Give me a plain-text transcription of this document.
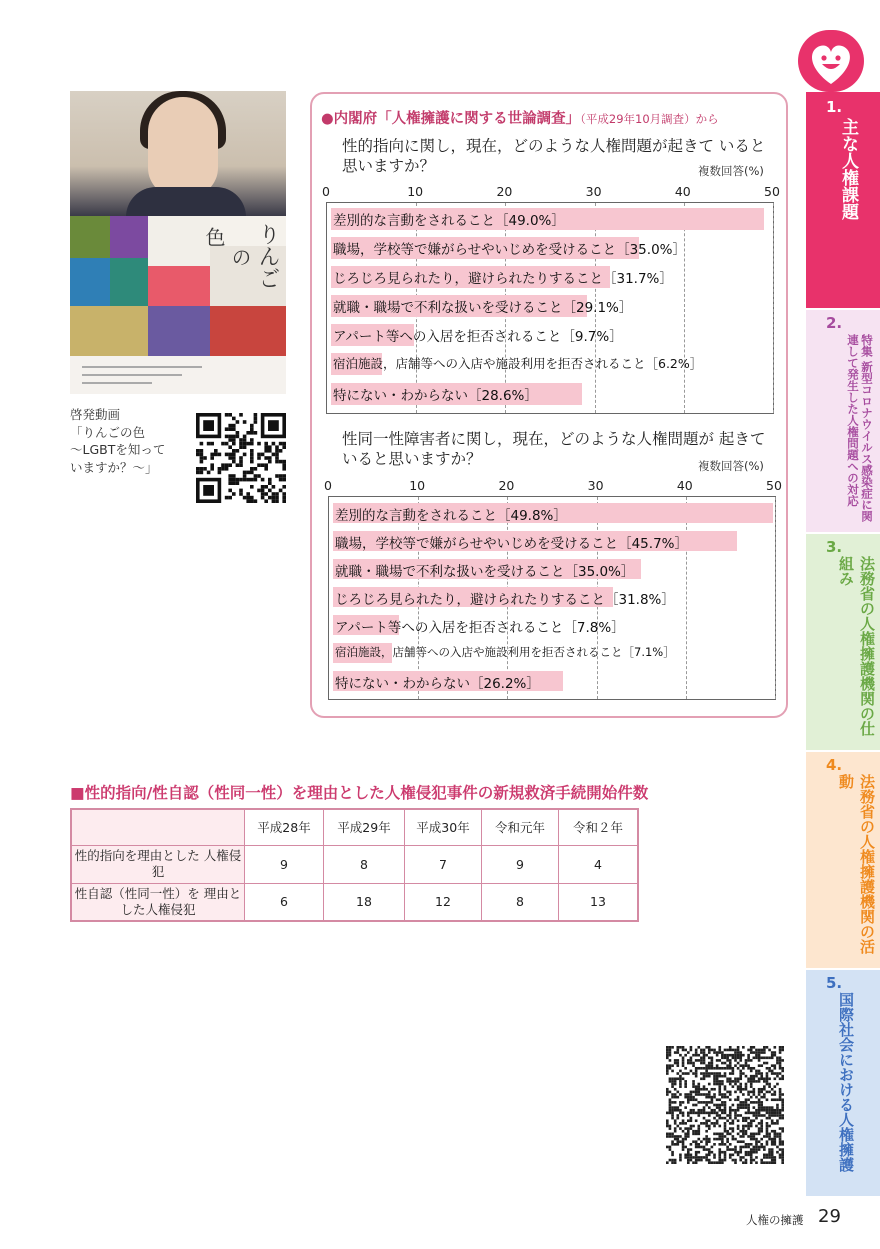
りんご
の
色
啓発動画
「りんごの色
～LGBTを知って
いますか？～」
●内閣府「人権擁護に関する世論調査」（平成29年10月調査）から
性的指向に関し，現在，どのような人権問題が起きて いると思いますか？	複数回答(%)
0	10	20	30	40	50
差別的な言動をされること［49.0%］
職場，学校等で嫌がらせやいじめを受けること［35.0%］
じろじろ見られたり，避けられたりすること［31.7%］
就職・職場で不利な扱いを受けること［29.1%］
アパート等への入居を拒否されること［9.7%］
宿泊施設，店舗等への入店や施設利用を拒否されること［6.2%］
特にない・わからない［28.6%］
性同一性障害者に関し，現在，どのような人権問題が 起きていると思いますか？	複数回答(%)
0	10	20	30	40	50
差別的な言動をされること［49.8%］
職場，学校等で嫌がらせやいじめを受けること［45.7%］
就職・職場で不利な扱いを受けること［35.0%］
じろじろ見られたり，避けられたりすること［31.8%］
アパート等への入居を拒否されること［7.8%］
宿泊施設，店舗等への入店や施設利用を拒否されること［7.1%］
特にない・わからない［26.2%］
■性的指向/性自認（性同一性）を理由とした人権侵犯事件の新規救済手続開始件数
	平成28年	平成29年	平成30年	令和元年	令和２年
性的指向を理由とした 人権侵犯	9	8	7	9	4
性自認（性同一性）を 理由とした人権侵犯	6	18	12	8	13
1.
主な人権課題
2.
特集 新型コロナウイルス感染症に関連して発生した人権問題への対応
3.
法務省の人権擁護機関の仕組み
4.
法務省の人権擁護機関の活動
5.
国際社会における人権擁護
人権の擁護 29
